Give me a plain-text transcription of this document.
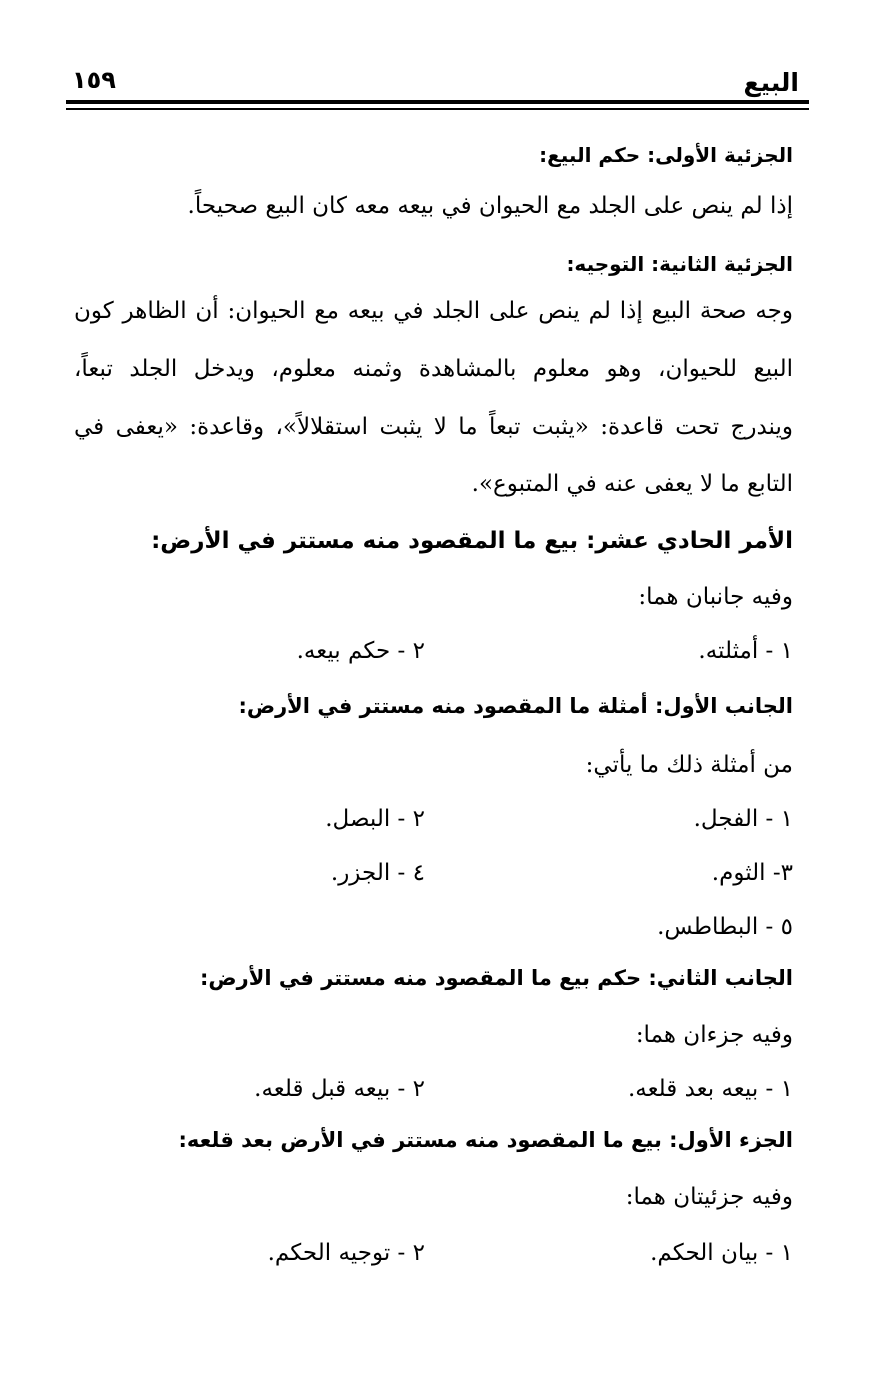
البيع
١٥٩
الجزئية الأولى: حكم البيع:
إذا لم ينص على الجلد مع الحيوان في بيعه معه كان البيع صحيحاً.
الجزئية الثانية: التوجيه:
وجه صحة البيع إذا لم ينص على الجلد في بيعه مع الحيوان: أن الظاهر كون
البيع للحيوان، وهو معلوم بالمشاهدة وثمنه معلوم، ويدخل الجلد تبعاً،
ويندرج تحت قاعدة: «يثبت تبعاً ما لا يثبت استقلالاً»، وقاعدة: «يعفى في
التابع ما لا يعفى عنه في المتبوع».
الأمر الحادي عشر: بيع ما المقصود منه مستتر في الأرض:
وفيه جانبان هما:
١ - أمثلته.
٢ - حكم بيعه.
الجانب الأول: أمثلة ما المقصود منه مستتر في الأرض:
من أمثلة ذلك ما يأتي:
١ - الفجل.
٢ - البصل.
٣- الثوم.
٤ - الجزر.
٥ - البطاطس.
الجانب الثاني: حكم بيع ما المقصود منه مستتر في الأرض:
وفيه جزءان هما:
١ - بيعه بعد قلعه.
٢ - بيعه قبل قلعه.
الجزء الأول: بيع ما المقصود منه مستتر في الأرض بعد قلعه:
وفيه جزئيتان هما:
١ - بيان الحكم.
٢ - توجيه الحكم.
